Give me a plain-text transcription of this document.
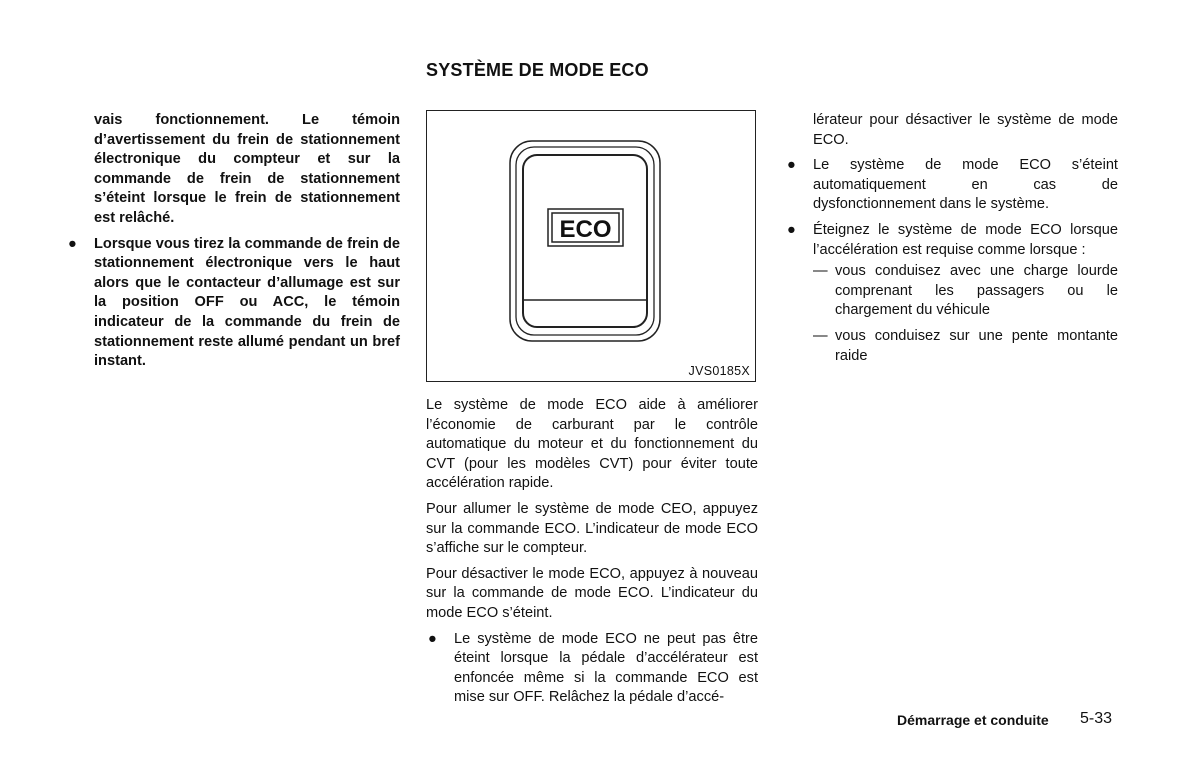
SYSTÈME DE MODE ECO

vais fonctionnement. Le témoin d’avertissement du frein de stationnement électronique du compteur et sur la commande de frein de stationnement s’éteint lorsque le frein de stationnement est relâché.

● Lorsque vous tirez la commande de frein de stationnement électronique vers le haut alors que le contacteur d’allumage est sur la position OFF ou ACC, le témoin indicateur de la commande du frein de stationnement reste allumé pendant un bref instant.
ECO
JVS0185X

Le système de mode ECO aide à améliorer l’économie de carburant par le contrôle automatique du moteur et du fonctionnement du CVT (pour les modèles CVT) pour éviter toute accélération rapide.

Pour allumer le système de mode CEO, appuyez sur la commande ECO. L’indicateur de mode ECO s’affiche sur le compteur.

Pour désactiver le mode ECO, appuyez à nouveau sur la commande de mode ECO. L’indicateur du mode ECO s’éteint.

● Le système de mode ECO ne peut pas être éteint lorsque la pédale d’accélérateur est enfoncée même si la commande ECO est mise sur OFF. Relâchez la pédale d’accé-

lérateur pour désactiver le système de mode ECO.

● Le système de mode ECO s’éteint automatiquement en cas de dysfonctionnement dans le système.
● Éteignez le système de mode ECO lorsque l’accélération est requise comme lorsque :
— vous conduisez avec une charge lourde comprenant les passagers ou le chargement du véhicule
— vous conduisez sur une pente montante raide
Démarrage et conduite 5-33
